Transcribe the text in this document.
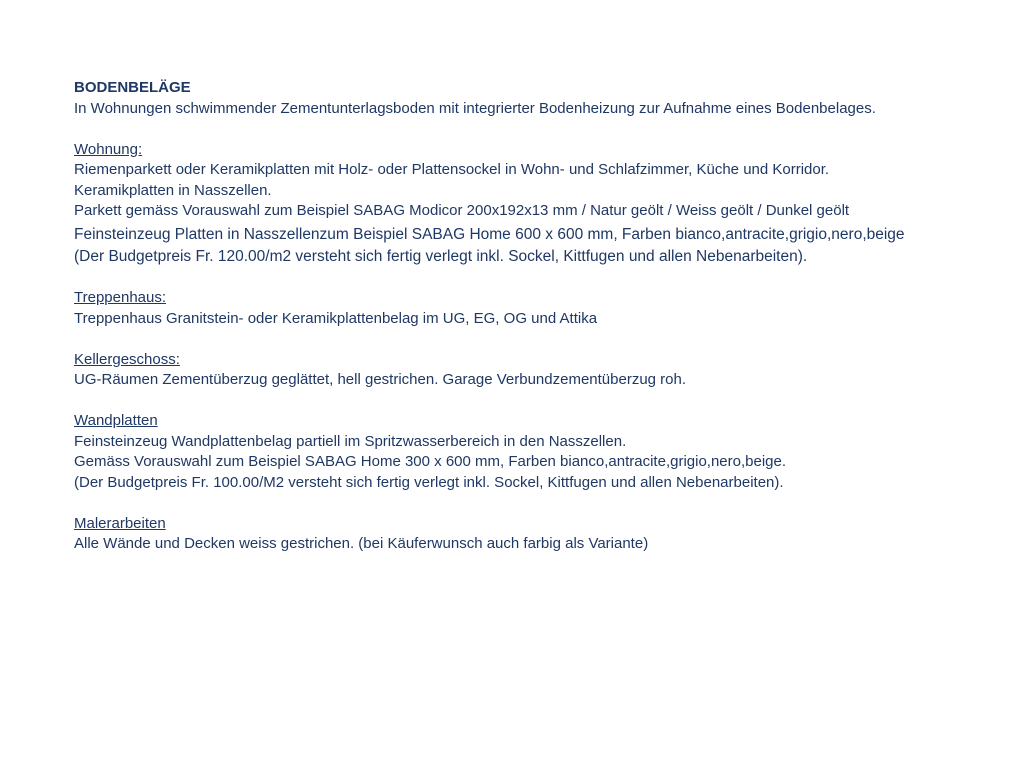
BODENBELÄGE
In Wohnungen schwimmender Zementunterlagsboden mit integrierter Bodenheizung zur Aufnahme eines Bodenbelages.
Wohnung:
Riemenparkett oder Keramikplatten mit Holz- oder Plattensockel in Wohn- und Schlafzimmer, Küche und Korridor.
Keramikplatten in Nasszellen.
Parkett gemäss Vorauswahl zum Beispiel SABAG Modicor 200x192x13 mm / Natur geölt / Weiss geölt / Dunkel geölt
Feinsteinzeug Platten in Nasszellenzum Beispiel SABAG Home 600 x 600 mm, Farben bianco,antracite,grigio,nero,beige
(Der Budgetpreis Fr. 120.00/m2 versteht sich fertig verlegt inkl. Sockel, Kittfugen und allen Nebenarbeiten).
Treppenhaus:
Treppenhaus Granitstein- oder Keramikplattenbelag im UG, EG, OG und Attika
Kellergeschoss:
UG-Räumen Zementüberzug geglättet, hell gestrichen. Garage Verbundzementüberzug roh.
Wandplatten
Feinsteinzeug Wandplattenbelag partiell im Spritzwasserbereich in den Nasszellen.
Gemäss Vorauswahl zum Beispiel SABAG Home 300 x 600 mm, Farben bianco,antracite,grigio,nero,beige.
(Der Budgetpreis Fr. 100.00/M2 versteht sich fertig verlegt inkl. Sockel, Kittfugen und allen Nebenarbeiten).
Malerarbeiten
Alle Wände und Decken weiss gestrichen. (bei Käuferwunsch auch farbig als Variante)
